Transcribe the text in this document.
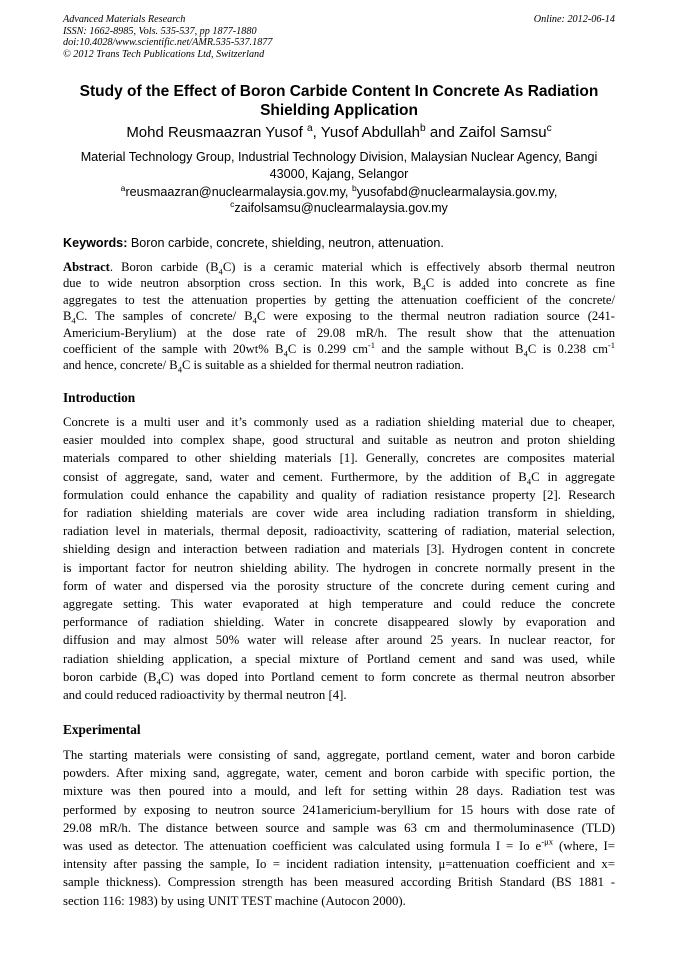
Advanced Materials Research
ISSN: 1662-8985, Vols. 535-537, pp 1877-1880
doi:10.4028/www.scientific.net/AMR.535-537.1877
© 2012 Trans Tech Publications Ltd, Switzerland
Online: 2012-06-14
Study of the Effect of Boron Carbide Content In Concrete As Radiation
Shielding Application
Mohd Reusmaazran Yusof $^a$, Yusof Abdullah$^b$ and Zaifol Samsu$^c$
Material Technology Group, Industrial Technology Division, Malaysian Nuclear Agency, Bangi
43000, Kajang, Selangor
$^a$reusmaazran@nuclearmalaysia.gov.my, $^b$yusofabd@nuclearmalaysia.gov.my,
$^c$zaifolsamsu@nuclearmalaysia.gov.my
Keywords: Boron carbide, concrete, shielding, neutron, attenuation.
Abstract. Boron carbide $(B_4C)$ is a ceramic material which is effectively absorb thermal neutron
due to wide neutron absorption cross section. In this work, $B_4C$ is added into concrete as fine
aggregates to test the attenuation properties by getting the attenuation coefficient of the concrete/
$B_4C$. The samples of concrete/ $B_4C$ were exposing to the thermal neutron radiation source (241-
Americium-Berylium) at the dose rate of 29.08 mR/h. The result show that the attenuation
coefficient of the sample with 20wt% $B_4C$ is 0.299 $cm^{-1}$ and the sample without $B_4C$ is 0.238 $cm^{-1}$
and hence, concrete/ $B_4C$ is suitable as a shielded for thermal neutron radiation.
Introduction
Concrete is a multi user and it’s commonly used as a radiation shielding material due to cheaper,
easier moulded into complex shape, good structural and suitable as neutron and proton shielding
materials compared to other shielding materials [1]. Generally, concretes are composites material
consist of aggregate, sand, water and cement. Furthermore, by the addition of $B_4C$ in aggregate
formulation could enhance the capability and quality of radiation resistance property [2]. Research
for radiation shielding materials are cover wide area including radiation transform in shielding,
radiation level in materials, thermal deposit, radioactivity, scattering of radiation, material selection,
shielding design and interaction between radiation and materials [3]. Hydrogen content in concrete
is important factor for neutron shielding ability. The hydrogen in concrete normally present in the
form of water and dispersed via the porosity structure of the concrete during cement curing and
aggregate setting. This water evaporated at high temperature and could reduce the concrete
performance of radiation shielding. Water in concrete disappeared slowly by evaporation and
diffusion and may almost 50% water will release after around 25 years. In nuclear reactor, for
radiation shielding application, a special mixture of Portland cement and sand was used, while
boron carbide $(B_4C)$ was doped into Portland cement to form concrete as thermal neutron absorber
and could reduced radioactivity by thermal neutron [4].
Experimental
The starting materials were consisting of sand, aggregate, portland cement, water and boron carbide
powders. After mixing sand, aggregate, water, cement and boron carbide with specific portion, the
mixture was then poured into a mould, and left for setting within 28 days. Radiation test was
performed by exposing to neutron source 241americium-beryllium for 15 hours with dose rate of
29.08 mR/h. The distance between source and sample was 63 cm and thermoluminasence (TLD)
was used as detector. The attenuation coefficient was calculated using formula I = Io $e^{-\mu x}$ (where, I=
intensity after passing the sample, Io = incident radiation intensity, μ=attenuation coefficient and x=
sample thickness). Compression strength has been measured according British Standard (BS 1881 -
section 116: 1983) by using UNIT TEST machine (Autocon 2000).
